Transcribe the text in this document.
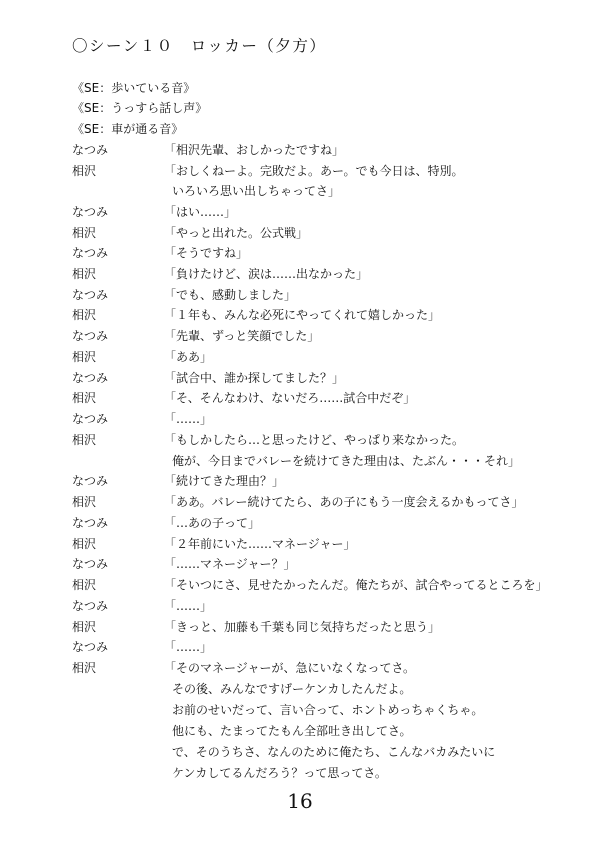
〇シーン１０　ロッカー（夕方）
《SE：歩いている音》
《SE：うっすら話し声》
《SE：車が通る音》
なつみ	「相沢先輩、おしかったですね」
相沢	「おしくねーよ。完敗だよ。あー。でも今日は、特別。
いろいろ思い出しちゃってさ」
なつみ	「はい……」
相沢	「やっと出れた。公式戦」
なつみ	「そうですね」
相沢	「負けたけど、涙は……出なかった」
なつみ	「でも、感動しました」
相沢	「１年も、みんな必死にやってくれて嬉しかった」
なつみ	「先輩、ずっと笑顔でした」
相沢	「ああ」
なつみ	「試合中、誰か探してました？」
相沢	「そ、そんなわけ、ないだろ……試合中だぞ」
なつみ	「……」
相沢	「もしかしたら…と思ったけど、やっぱり来なかった。
俺が、今日までバレーを続けてきた理由は、たぶん・・・それ」
なつみ	「続けてきた理由？」
相沢	「ああ。バレー続けてたら、あの子にもう一度会えるかもってさ」
なつみ	「…あの子って」
相沢	「２年前にいた……マネージャー」
なつみ	「……マネージャー？」
相沢	「そいつにさ、見せたかったんだ。俺たちが、試合やってるところを」
なつみ	「……」
相沢	「きっと、加藤も千葉も同じ気持ちだったと思う」
なつみ	「……」
相沢	「そのマネージャーが、急にいなくなってさ。
その後、みんなですげーケンカしたんだよ。
お前のせいだって、言い合って、ホントめっちゃくちゃ。
他にも、たまってたもん全部吐き出してさ。
で、そのうちさ、なんのために俺たち、こんなバカみたいに
ケンカしてるんだろう？って思ってさ。
16
